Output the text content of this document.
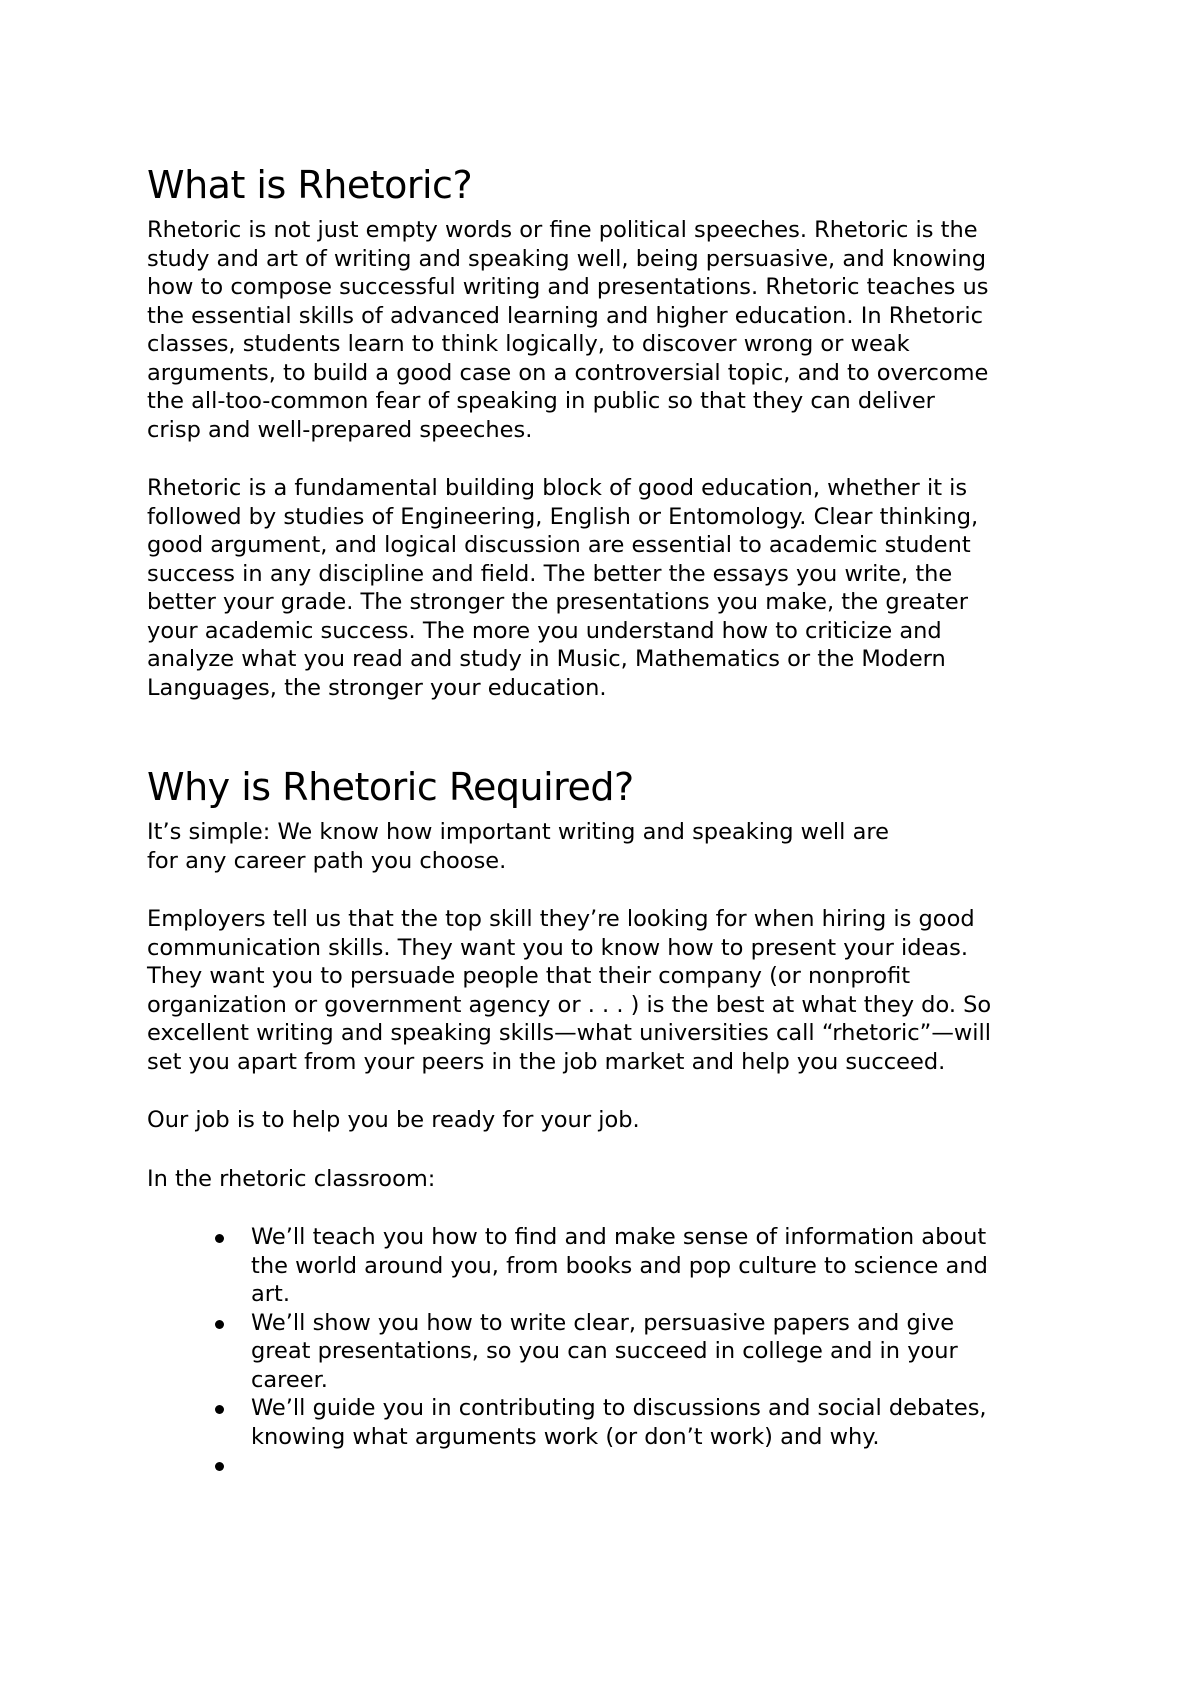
What is Rhetoric?

Rhetoric is not just empty words or fine political speeches. Rhetoric is the
study and art of writing and speaking well, being persuasive, and knowing
how to compose successful writing and presentations. Rhetoric teaches us
the essential skills of advanced learning and higher education. In Rhetoric
classes, students learn to think logically, to discover wrong or weak
arguments, to build a good case on a controversial topic, and to overcome
the all-too-common fear of speaking in public so that they can deliver
crisp and well-prepared speeches.

Rhetoric is a fundamental building block of good education, whether it is
followed by studies of Engineering, English or Entomology. Clear thinking,
good argument, and logical discussion are essential to academic student
success in any discipline and field. The better the essays you write, the
better your grade. The stronger the presentations you make, the greater
your academic success. The more you understand how to criticize and
analyze what you read and study in Music, Mathematics or the Modern
Languages, the stronger your education.

Why is Rhetoric Required?

It’s simple: We know how important writing and speaking well are
for any career path you choose.

Employers tell us that the top skill they’re looking for when hiring is good
communication skills. They want you to know how to present your ideas.
They want you to persuade people that their company (or nonprofit
organization or government agency or . . . ) is the best at what they do. So
excellent writing and speaking skills—what universities call “rhetoric”—will
set you apart from your peers in the job market and help you succeed.

Our job is to help you be ready for your job.

In the rhetoric classroom:

We’ll teach you how to find and make sense of information about
the world around you, from books and pop culture to science and
art.
We’ll show you how to write clear, persuasive papers and give
great presentations, so you can succeed in college and in your
career.
We’ll guide you in contributing to discussions and social debates,
knowing what arguments work (or don’t work) and why.
